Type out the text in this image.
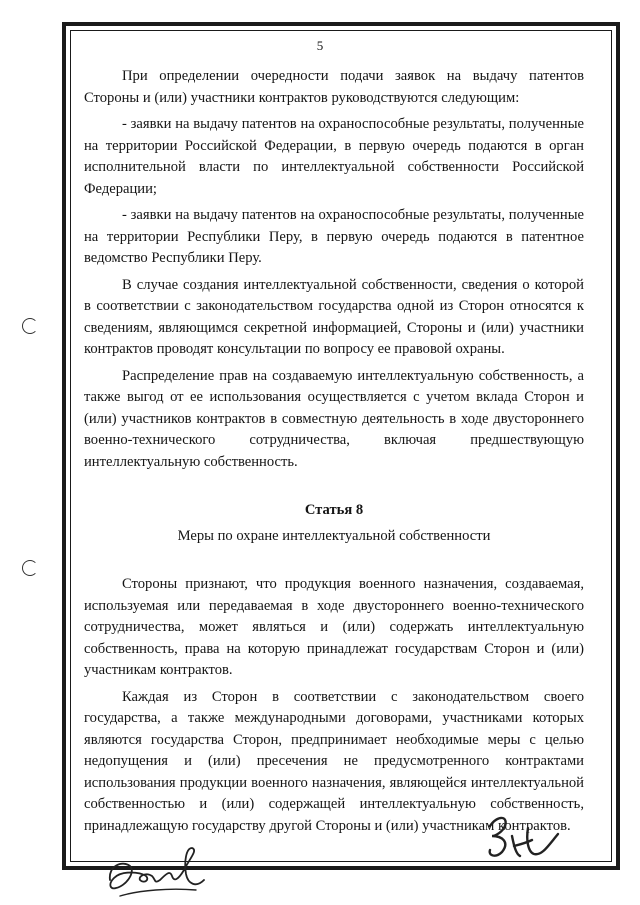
5

При определении очередности подачи заявок на выдачу патентов Стороны и (или) участники контрактов руководствуются следующим:

- заявки на выдачу патентов на охраноспособные результаты, полученные на территории Российской Федерации, в первую очередь подаются в орган исполнительной власти по интеллектуальной собственности Российской Федерации;

- заявки на выдачу патентов на охраноспособные результаты, полученные на территории Республики Перу, в первую очередь подаются в патентное ведомство Республики Перу.

В случае создания интеллектуальной собственности, сведения о которой в соответствии с законодательством государства одной из Сторон относятся к сведениям, являющимся секретной информацией, Стороны и (или) участники контрактов проводят консультации по вопросу ее правовой охраны.

Распределение прав на создаваемую интеллектуальную собственность, а также выгод от ее использования осуществляется с учетом вклада Сторон и (или) участников контрактов в совместную деятельность в ходе двустороннего военно-технического сотрудничества, включая предшествующую интеллектуальную собственность.

Статья 8
Меры по охране интеллектуальной собственности

Стороны признают, что продукция военного назначения, создаваемая, используемая или передаваемая в ходе двустороннего военно-технического сотрудничества, может являться и (или) содержать интеллектуальную собственность, права на которую принадлежат государствам Сторон и (или) участникам контрактов.

Каждая из Сторон в соответствии с законодательством своего государства, а также международными договорами, участниками которых являются государства Сторон, предпринимает необходимые меры с целью недопущения и (или) пресечения не предусмотренного контрактами использования продукции военного назначения, являющейся интеллектуальной собственностью и (или) содержащей интеллектуальную собственность, принадлежащую государству другой Стороны и (или) участникам контрактов.
